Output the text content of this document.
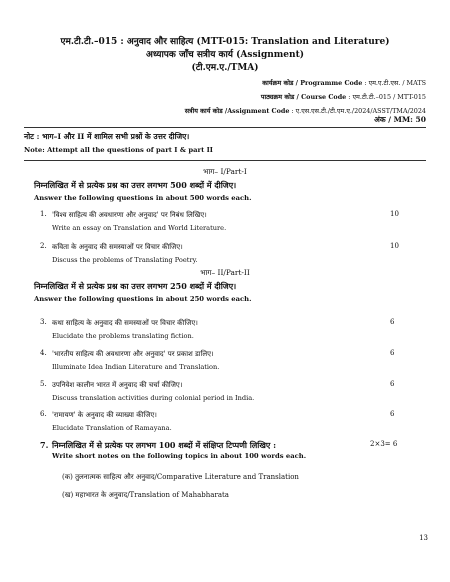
एम.टी.टी.–015 : अनुवाद और साहित्य (MTT-015: Translation and Literature)
अध्यापक जाँच सत्रीय कार्य (Assignment)
(टी.एम.ए./TMA)
कार्यक्रम कोड / Programme Code : एम.ए.टी.एस. / MATS
पाठ्यक्रम कोड / Course Code : एम.टी.टी.–015 / MTT-015
सत्रीय कार्य कोड /Assignment Code : ए.एस.एस.टी./टी.एम.ए./2024/ASST/TMA/2024
अंक / MM: 50
नोट : भाग–I और II में शामिल सभी प्रश्नों के उत्तर दीजिए।
Note: Attempt all the questions of part I & part II
भाग– I/Part-I
निम्नलिखित में से प्रत्येक प्रश्न का उत्तर लगभग 500 शब्दों में दीजिए।
Answer the following questions in about 500 words each.
1. 'विश्व साहित्य की अवधारणा और अनुवाद' पर निबंध लिखिए।
Write an essay on Translation and World Literature.
10
2. कविता के अनुवाद की समस्याओं पर विचार कीजिए।
Discuss the problems of Translating Poetry.
10
भाग– II/Part-II
निम्नलिखित में से प्रत्येक प्रश्न का उत्तर लगभग 250 शब्दों में दीजिए।
Answer the following questions in about 250 words each.
3. कथा साहित्य के अनुवाद की समस्याओं पर विचार कीजिए।
Elucidate the problems translating fiction.
6
4. 'भारतीय साहित्य की अवधारणा और अनुवाद' पर प्रकाश डालिए।
Illuminate Idea Indian Literature and Translation.
6
5. उपनिवेश कालीन भारत में अनुवाद की चर्चा कीजिए।
Discuss translation activities during colonial period in India.
6
6. 'रामायण' के अनुवाद की व्याख्या कीजिए।
Elucidate Translation of Ramayana.
6
7. निम्नलिखित में से प्रत्येक पर लगभग 100 शब्दों में संक्षिप्त टिप्पणी लिखिए :
Write short notes on the following topics in about 100 words each.
2×3= 6
(क) तुलनात्मक साहित्य और अनुवाद/Comparative Literature and Translation
(ख) महाभारत के अनुवाद/Translation of Mahabharata
13
